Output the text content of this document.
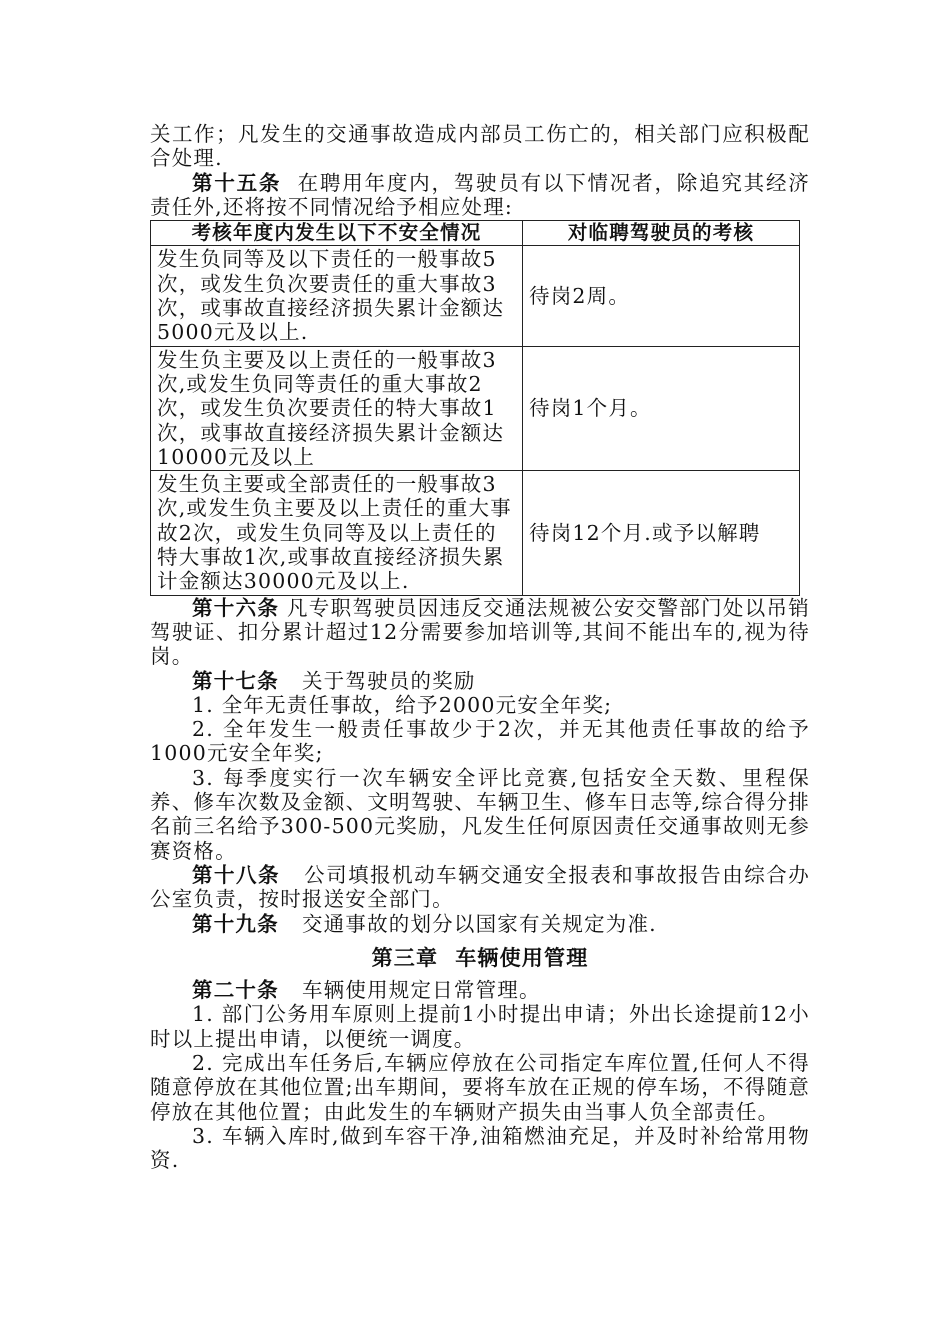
关工作；凡发生的交通事故造成内部员工伤亡的，相关部门应积极配合处理.

第十五条 在聘用年度内，驾驶员有以下情况者，除追究其经济责任外,还将按不同情况给予相应处理:

考核年度内发生以下不安全情况	对临聘驾驶员的考核
发生负同等及以下责任的一般事故5次，或发生负次要责任的重大事故3次，或事故直接经济损失累计金额达5000元及以上.	待岗2周。
发生负主要及以上责任的一般事故3次,或发生负同等责任的重大事故2次，或发生负次要责任的特大事故1次，或事故直接经济损失累计金额达10000元及以上	待岗1个月。
发生负主要或全部责任的一般事故3次,或发生负主要及以上责任的重大事故2次，或发生负同等及以上责任的特大事故1次,或事故直接经济损失累计金额达30000元及以上.	待岗12个月.或予以解聘

第十六条 凡专职驾驶员因违反交通法规被公安交警部门处以吊销驾驶证、扣分累计超过12分需要参加培训等,其间不能出车的,视为待岗。

第十七条 关于驾驶员的奖励

1. 全年无责任事故，给予2000元安全年奖;

2. 全年发生一般责任事故少于2次，并无其他责任事故的给予1000元安全年奖;

3. 每季度实行一次车辆安全评比竞赛,包括安全天数、里程保养、修车次数及金额、文明驾驶、车辆卫生、修车日志等,综合得分排名前三名给予300-500元奖励，凡发生任何原因责任交通事故则无参赛资格。

第十八条 公司填报机动车辆交通安全报表和事故报告由综合办公室负责，按时报送安全部门。

第十九条 交通事故的划分以国家有关规定为准.

第三章  车辆使用管理

第二十条 车辆使用规定日常管理。

1. 部门公务用车原则上提前1小时提出申请；外出长途提前12小时以上提出申请，以便统一调度。

2. 完成出车任务后,车辆应停放在公司指定车库位置,任何人不得随意停放在其他位置;出车期间，要将车放在正规的停车场，不得随意停放在其他位置；由此发生的车辆财产损失由当事人负全部责任。

3. 车辆入库时,做到车容干净,油箱燃油充足，并及时补给常用物资.
